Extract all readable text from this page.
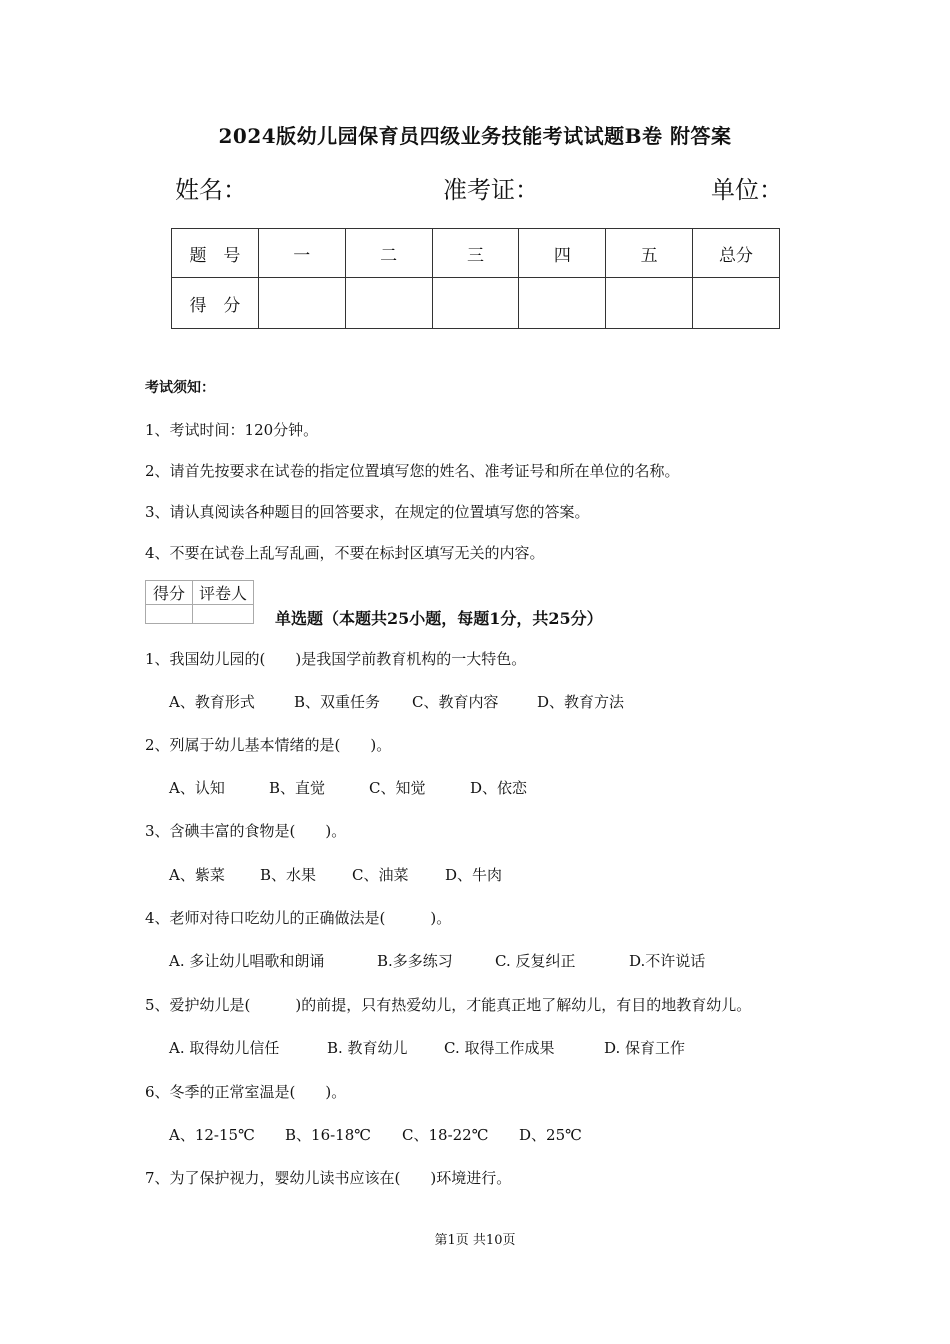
2024版幼儿园保育员四级业务技能考试试题B卷 附答案
姓名：	准考证：	单位：
题　号	一	二	三	四	五	总分
得　分						
考试须知：
1、考试时间：120分钟。
2、请首先按要求在试卷的指定位置填写您的姓名、准考证号和所在单位的名称。
3、请认真阅读各种题目的回答要求，在规定的位置填写您的答案。
4、不要在试卷上乱写乱画，不要在标封区填写无关的内容。
得分	评卷人

单选题（本题共25小题，每题1分，共25分）
1、我国幼儿园的(　　)是我国学前教育机构的一大特色。
A、教育形式	B、双重任务 C、教育内容	D、教育方法
2、列属于幼儿基本情绪的是(　　)。
A、认知	B、直觉	C、知觉	D、依恋
3、含碘丰富的食物是(　　)。
A、紫菜 B、水果 C、油菜 D、牛肉
4、老师对待口吃幼儿的正确做法是(　　　)。
A. 多让幼儿唱歌和朗诵	B.多多练习	C. 反复纠正	D.不许说话
5、爱护幼儿是(　　　)的前提，只有热爱幼儿，才能真正地了解幼儿，有目的地教育幼儿。
A. 取得幼儿信任	B. 教育幼儿 C. 取得工作成果	D. 保育工作
6、冬季的正常室温是(　　)。
A、12-15℃ B、16-18℃ C、18-22℃ D、25℃
7、为了保护视力，婴幼儿读书应该在(　　)环境进行。
第1页 共10页
